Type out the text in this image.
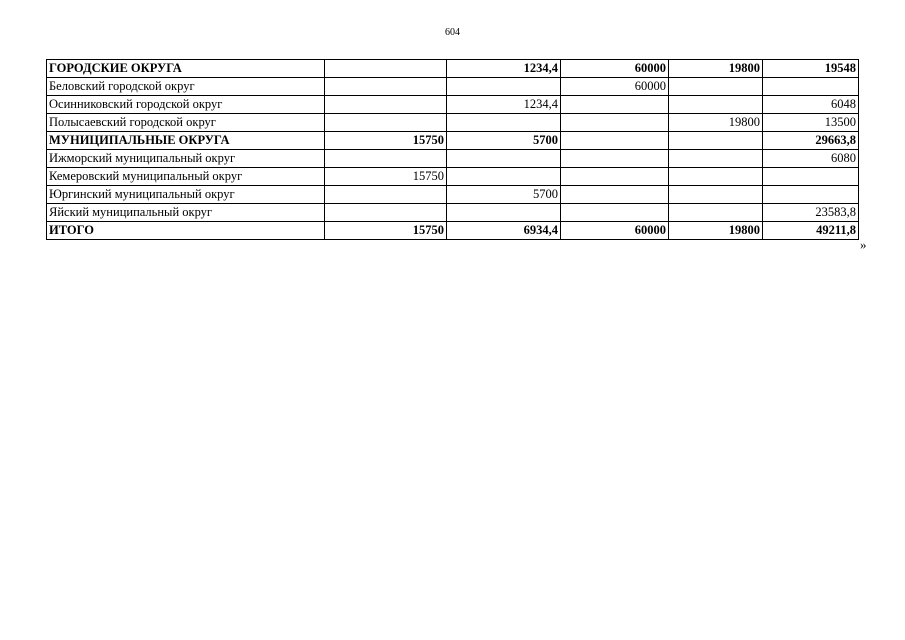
604
ГОРОДСКИЕ ОКРУГА		1234,4	60000	19800	19548
Беловский городской округ			60000		
Осинниковский городской округ		1234,4			6048
Полысаевский городской округ				19800	13500
МУНИЦИПАЛЬНЫЕ ОКРУГА	15750	5700			29663,8
Ижморский муниципальный округ					6080
Кемеровский муниципальный округ	15750				
Юргинский муниципальный округ		5700			
Яйский муниципальный округ					23583,8
ИТОГО	15750	6934,4	60000	19800	49211,8
»
